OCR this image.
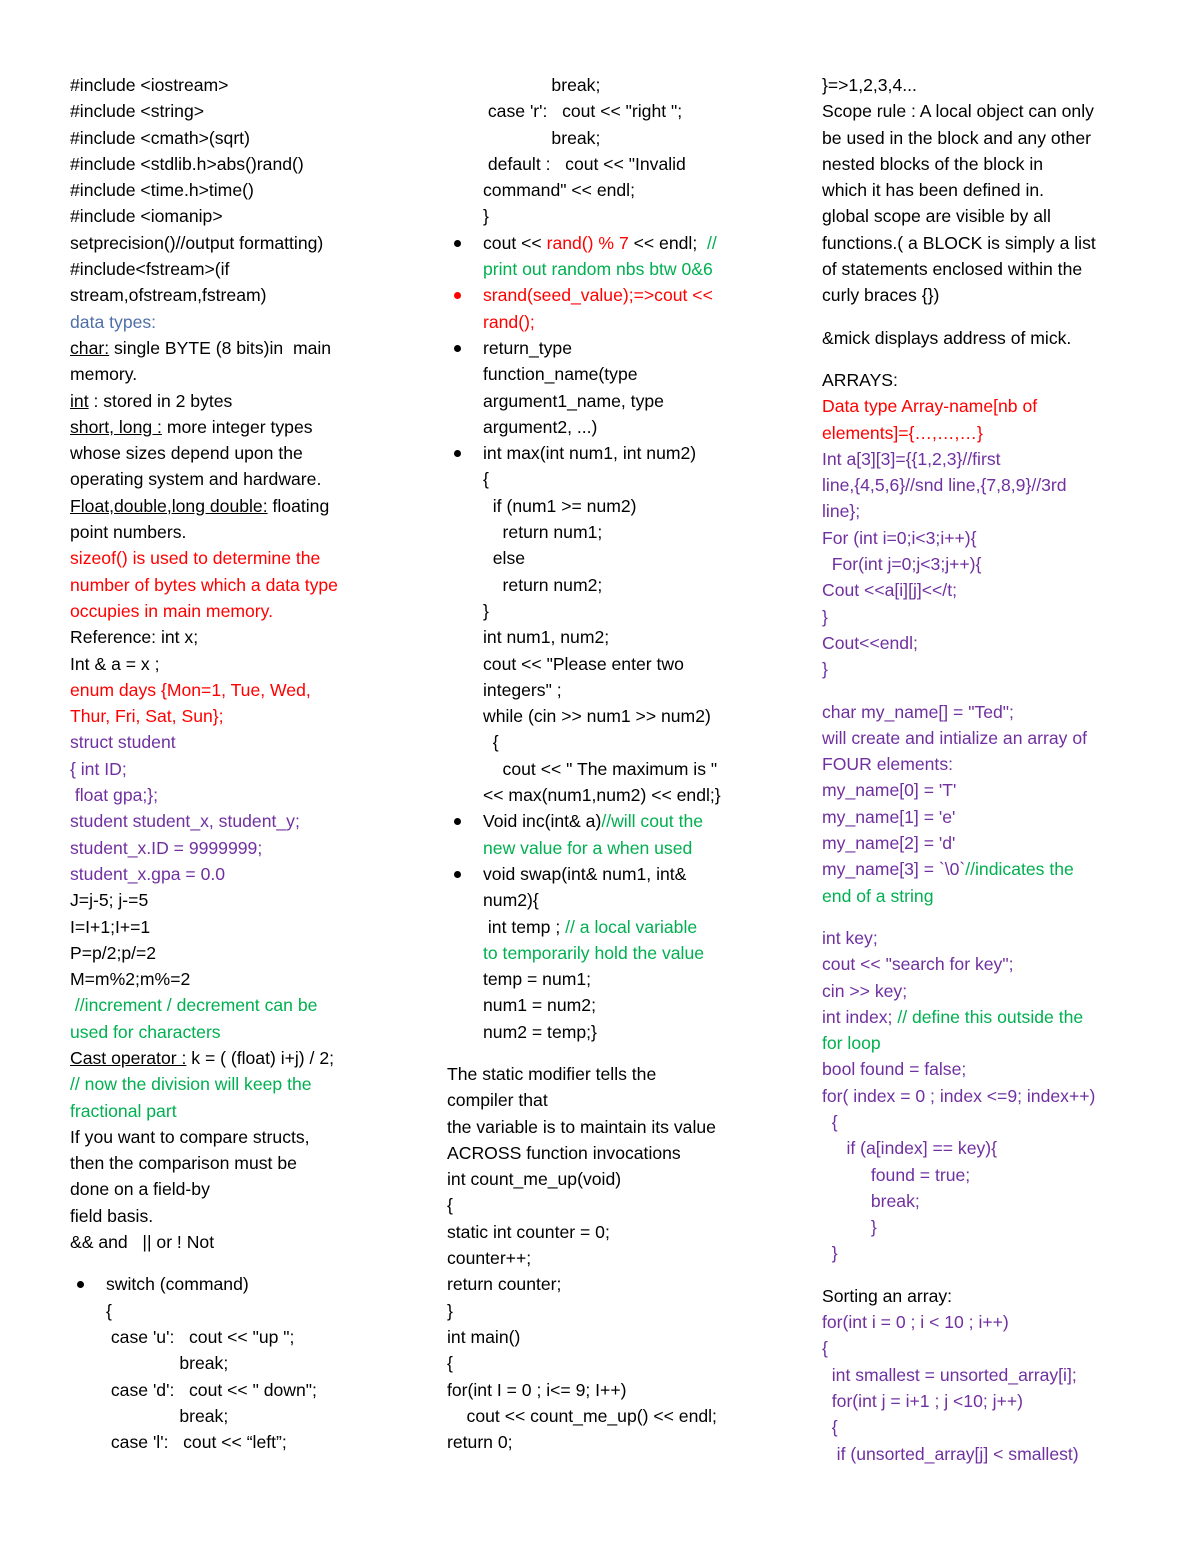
#include <iostream>
#include <string>
#include <cmath>(sqrt)
#include <stdlib.h>abs()rand()
#include <time.h>time()
#include <iomanip>
setprecision()//output formatting)
#include<fstream>(if
stream,ofstream,fstream)
data types:
char: single BYTE (8 bits)in  main
memory.
int : stored in 2 bytes
short, long : more integer types
whose sizes depend upon the
operating system and hardware.
Float,double,long double: floating
point numbers.
sizeof() is used to determine the
number of bytes which a data type
occupies in main memory.
Reference: int x;
Int & a = x ;
enum days {Mon=1, Tue, Wed,
Thur, Fri, Sat, Sun};
struct student
{ int ID;
float gpa;};
student student_x, student_y;
student_x.ID = 9999999;
student_x.gpa = 0.0
J=j-5; j-=5
I=I+1;I+=1
P=p/2;p/=2
M=m%2;m%=2
//increment / decrement can be
used for characters
Cast operator : k = ( (float) i+j) / 2;
// now the division will keep the
fractional part
If you want to compare structs,
then the comparison must be
done on a field-by
field basis.
&& and   || or ! Not
switch (command)
{
case 'u':   cout << "up ";
break;
case 'd':   cout << " down";
break;
case 'l':   cout << “left”;
break;
case 'r':   cout << "right ";
break;
default :   cout << "Invalid
command" << endl;
}
cout << rand() % 7 << endl;  //
print out random nbs btw 0&6
srand(seed_value);=>cout <<
rand();
return_type
function_name(type
argument1_name, type
argument2, ...)
int max(int num1, int num2)
{
if (num1 >= num2)
return num1;
else
return num2;
}
int num1, num2;
cout << "Please enter two
integers" ;
while (cin >> num1 >> num2)
{
cout << " The maximum is "
<< max(num1,num2) << endl;}
Void inc(int& a)//will cout the
new value for a when used
void swap(int& num1, int&
num2){
int temp ; // a local variable
to temporarily hold the value
temp = num1;
num1 = num2;
num2 = temp;}
The static modifier tells the
compiler that
the variable is to maintain its value
ACROSS function invocations
int count_me_up(void)
{
static int counter = 0;
counter++;
return counter;
}
int main()
{
for(int I = 0 ; i<= 9; I++)
cout << count_me_up() << endl;
return 0;
}=>1,2,3,4...
Scope rule : A local object can only
be used in the block and any other
nested blocks of the block in
which it has been defined in.
global scope are visible by all
functions.( a BLOCK is simply a list
of statements enclosed within the
curly braces {})
&mick displays address of mick.
ARRAYS:
Data type Array-name[nb of
elements]={…,…,…}
Int a[3][3]={{1,2,3}//first
line,{4,5,6}//snd line,{7,8,9}//3rd
line};
For (int i=0;i<3;i++){
For(int j=0;j<3;j++){
Cout <<a[i][j]<</t;
}
Cout<<endl;
}
char my_name[] = "Ted";
will create and intialize an array of
FOUR elements:
my_name[0] = 'T'
my_name[1] = 'e'
my_name[2] = 'd'
my_name[3] = `\0`//indicates the
end of a string
int key;
cout << "search for key";
cin >> key;
int index; // define this outside the
for loop
bool found = false;
for( index = 0 ; index <=9; index++)
{
if (a[index] == key){
found = true;
break;
}
}
Sorting an array:
for(int i = 0 ; i < 10 ; i++)
{
int smallest = unsorted_array[i];
for(int j = i+1 ; j <10; j++)
{
if (unsorted_array[j] < smallest)
